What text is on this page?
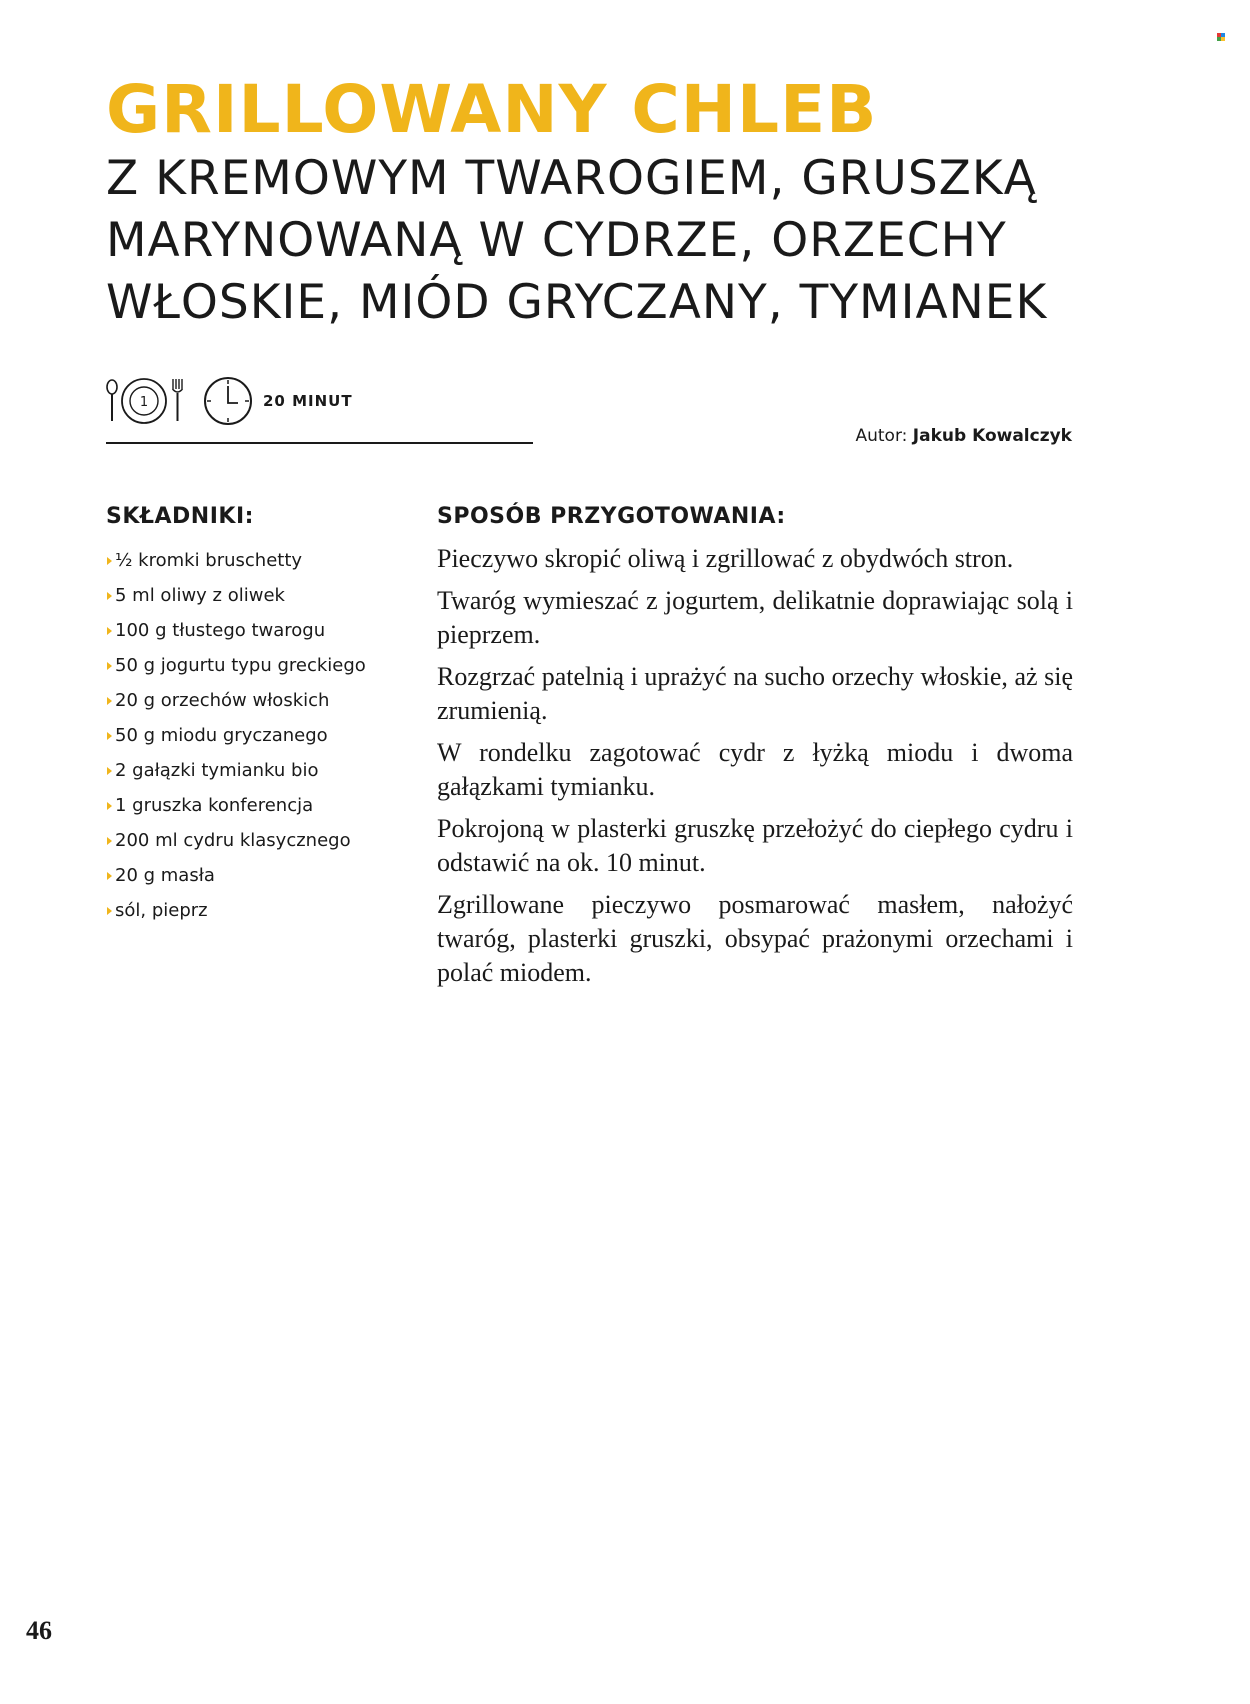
GRILLOWANY CHLEB
Z KREMOWYM TWAROGIEM, GRUSZKĄ
MARYNOWANĄ W CYDRZE, ORZECHY
WŁOSKIE, MIÓD GRYCZANY, TYMIANEK
1	20 MINUT
Autor: Jakub Kowalczyk
SKŁADNIKI:
½ kromki bruschetty
5 ml oliwy z oliwek
100 g tłustego twarogu
50 g jogurtu typu greckiego
20 g orzechów włoskich
50 g miodu gryczanego
2 gałązki tymianku bio
1 gruszka konferencja
200 ml cydru klasycznego
20 g masła
sól, pieprz
SPOSÓB PRZYGOTOWANIA:

Pieczywo skropić oliwą i zgrillować z obydwóch stron.

Twaróg wymieszać z jogurtem, delikatnie doprawiając solą i pieprzem.

Rozgrzać patelnią i uprażyć na sucho orzechy włoskie, aż się zrumienią.

W rondelku zagotować cydr z łyżką miodu i dwoma gałązkami tymianku.

Pokrojoną w plasterki gruszkę przełożyć do ciepłego cydru i odstawić na ok. 10 minut.

Zgrillowane pieczywo posmarować masłem, nałożyć twaróg, plasterki gruszki, obsypać prażonymi orzechami i polać miodem.

46
